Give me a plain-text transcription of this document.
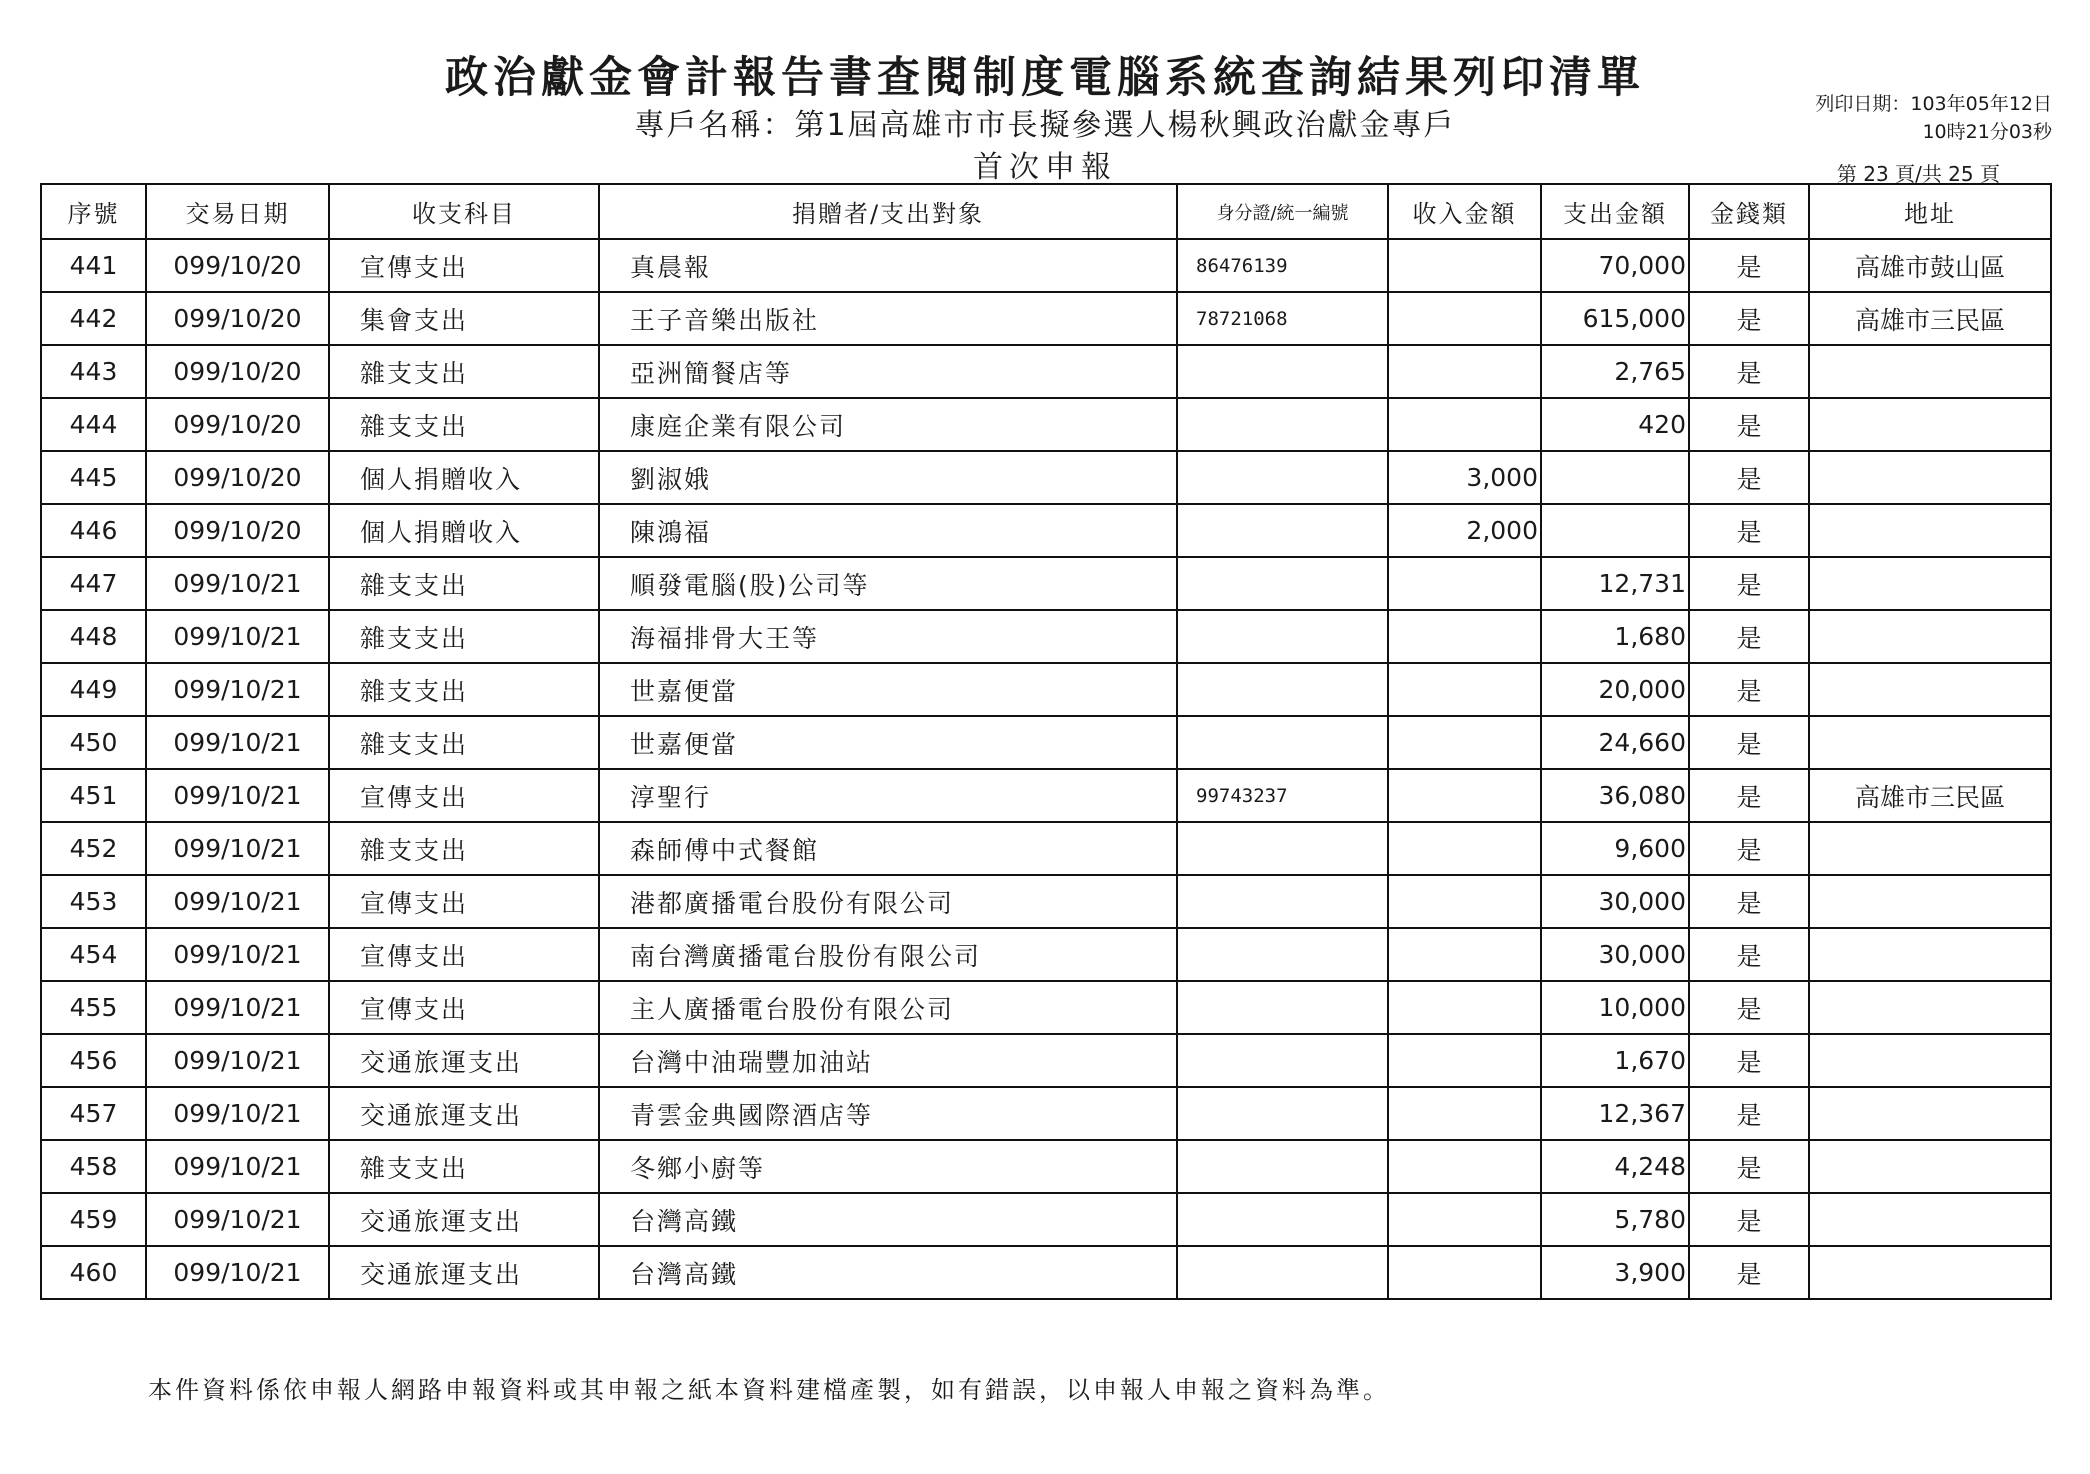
政治獻金會計報告書查閱制度電腦系統查詢結果列印清單
專戶名稱：第1屆高雄市市長擬參選人楊秋興政治獻金專戶
首次申報
列印日期：103年05年12日
10時21分03秒
第 23 頁/共 25 頁
序號	交易日期	收支科目	捐贈者/支出對象	身分證/統一編號	收入金額	支出金額	金錢類	地址
441	099/10/20	宣傳支出	真晨報	86476139		70,000	是	高雄市鼓山區
442	099/10/20	集會支出	王子音樂出版社	78721068		615,000	是	高雄市三民區
443	099/10/20	雜支支出	亞洲簡餐店等			2,765	是	
444	099/10/20	雜支支出	康庭企業有限公司			420	是	
445	099/10/20	個人捐贈收入	劉淑娥		3,000		是	
446	099/10/20	個人捐贈收入	陳鴻福		2,000		是	
447	099/10/21	雜支支出	順發電腦(股)公司等			12,731	是	
448	099/10/21	雜支支出	海福排骨大王等			1,680	是	
449	099/10/21	雜支支出	世嘉便當			20,000	是	
450	099/10/21	雜支支出	世嘉便當			24,660	是	
451	099/10/21	宣傳支出	淳聖行	99743237		36,080	是	高雄市三民區
452	099/10/21	雜支支出	森師傅中式餐館			9,600	是	
453	099/10/21	宣傳支出	港都廣播電台股份有限公司			30,000	是	
454	099/10/21	宣傳支出	南台灣廣播電台股份有限公司			30,000	是	
455	099/10/21	宣傳支出	主人廣播電台股份有限公司			10,000	是	
456	099/10/21	交通旅運支出	台灣中油瑞豐加油站			1,670	是	
457	099/10/21	交通旅運支出	青雲金典國際酒店等			12,367	是	
458	099/10/21	雜支支出	冬鄉小廚等			4,248	是	
459	099/10/21	交通旅運支出	台灣高鐵			5,780	是	
460	099/10/21	交通旅運支出	台灣高鐵			3,900	是	
本件資料係依申報人網路申報資料或其申報之紙本資料建檔產製，如有錯誤，以申報人申報之資料為準。
